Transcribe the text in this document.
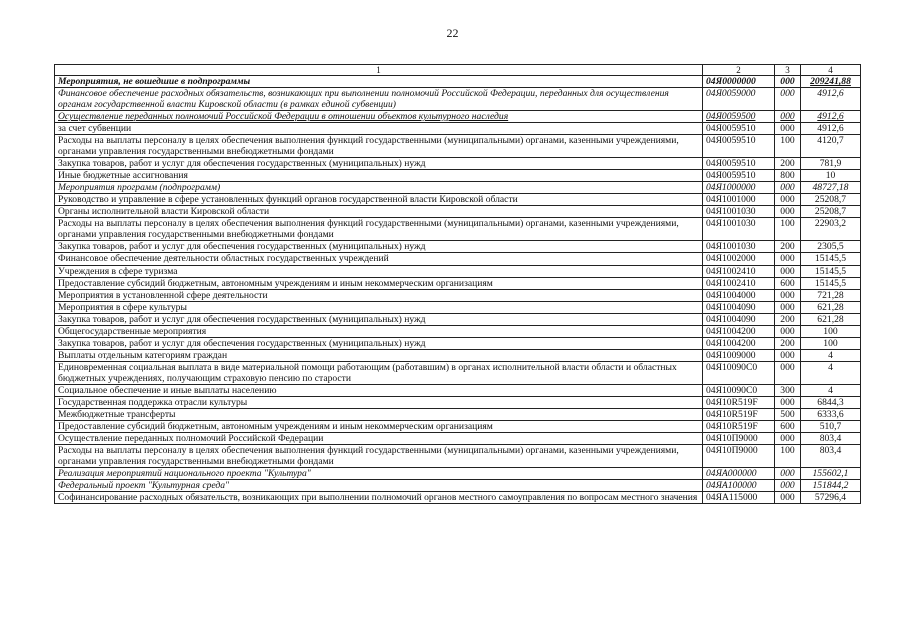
22
1	2	3	4
Мероприятия, не вошедшие в подпрограммы	04Я0000000	000	209241,88
Финансовое обеспечение расходных обязательств, возникающих при выполнении полномочий Российской Федерации, переданных для осуществления органам государственной власти Кировской области (в рамках единой субвенции)	04Я0059000	000	4912,6
Осуществление переданных полномочий Российской Федерации в отношении объектов культурного наследия	04Я0059500	000	4912,6
за счет субвенции	04Я0059510	000	4912,6
Расходы на выплаты персоналу в целях обеспечения выполнения функций государственными (муниципальными) органами, казенными учреждениями, органами управления государственными внебюджетными фондами	04Я0059510	100	4120,7
Закупка товаров, работ и услуг для обеспечения государственных (муниципальных) нужд	04Я0059510	200	781,9
Иные бюджетные ассигнования	04Я0059510	800	10
Мероприятия программ (подпрограмм)	04Я1000000	000	48727,18
Руководство и управление в сфере установленных функций органов государственной власти Кировской области	04Я1001000	000	25208,7
Органы исполнительной власти Кировской области	04Я1001030	000	25208,7
Расходы на выплаты персоналу в целях обеспечения выполнения функций государственными (муниципальными) органами, казенными учреждениями, органами управления государственными внебюджетными фондами	04Я1001030	100	22903,2
Закупка товаров, работ и услуг для обеспечения государственных (муниципальных) нужд	04Я1001030	200	2305,5
Финансовое обеспечение деятельности областных государственных учреждений	04Я1002000	000	15145,5
Учреждения в сфере туризма	04Я1002410	000	15145,5
Предоставление субсидий бюджетным, автономным учреждениям и иным некоммерческим организациям	04Я1002410	600	15145,5
Мероприятия в установленной сфере деятельности	04Я1004000	000	721,28
Мероприятия в сфере культуры	04Я1004090	000	621,28
Закупка товаров, работ и услуг для обеспечения государственных (муниципальных) нужд	04Я1004090	200	621,28
Общегосударственные мероприятия	04Я1004200	000	100
Закупка товаров, работ и услуг для обеспечения государственных (муниципальных) нужд	04Я1004200	200	100
Выплаты отдельным категориям граждан	04Я1009000	000	4
Единовременная социальная выплата в виде материальной помощи работающим (работавшим) в органах исполнительной власти области и областных бюджетных учреждениях, получающим страховую пенсию по старости	04Я10090С0	000	4
Социальное обеспечение и иные выплаты населению	04Я10090С0	300	4
Государственная поддержка отрасли культуры	04Я10R519F	000	6844,3
Межбюджетные трансферты	04Я10R519F	500	6333,6
Предоставление субсидий бюджетным, автономным учреждениям и иным некоммерческим организациям	04Я10R519F	600	510,7
Осуществление переданных полномочий Российской Федерации	04Я10П9000	000	803,4
Расходы на выплаты персоналу в целях обеспечения выполнения функций государственными (муниципальными) органами, казенными учреждениями, органами управления государственными внебюджетными фондами	04Я10П9000	100	803,4
Реализация мероприятий национального проекта "Культура"	04ЯА000000	000	155602,1
Федеральный проект "Культурная среда"	04ЯА100000	000	151844,2
Софинансирование расходных обязательств, возникающих при выполнении полномочий органов местного самоуправления по вопросам местного значения	04ЯА115000	000	57296,4
